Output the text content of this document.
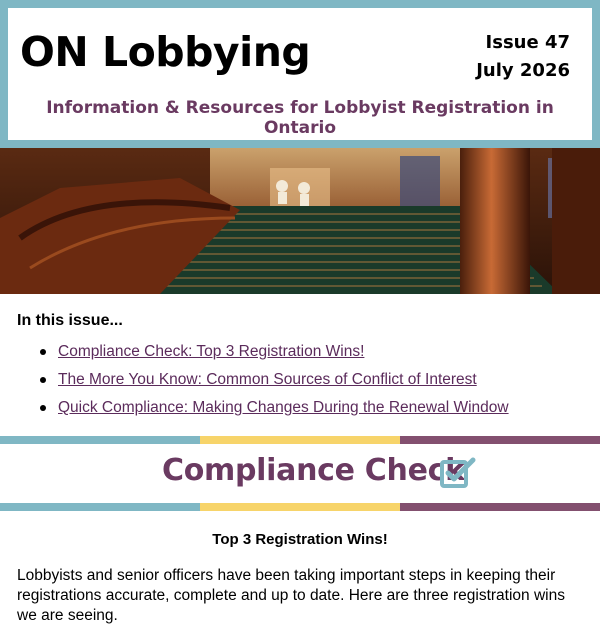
ON Lobbying	Issue 47
July 2026
Information & Resources for Lobbyist Registration in Ontario
In this issue...
Compliance Check: Top 3 Registration Wins!
The More You Know: Common Sources of Conflict of Interest
Quick Compliance: Making Changes During the Renewal Window
Compliance Check
Top 3 Registration Wins!
Lobbyists and senior officers have been taking important steps in keeping their registrations accurate, complete and up to date. Here are three registration wins we are seeing.
